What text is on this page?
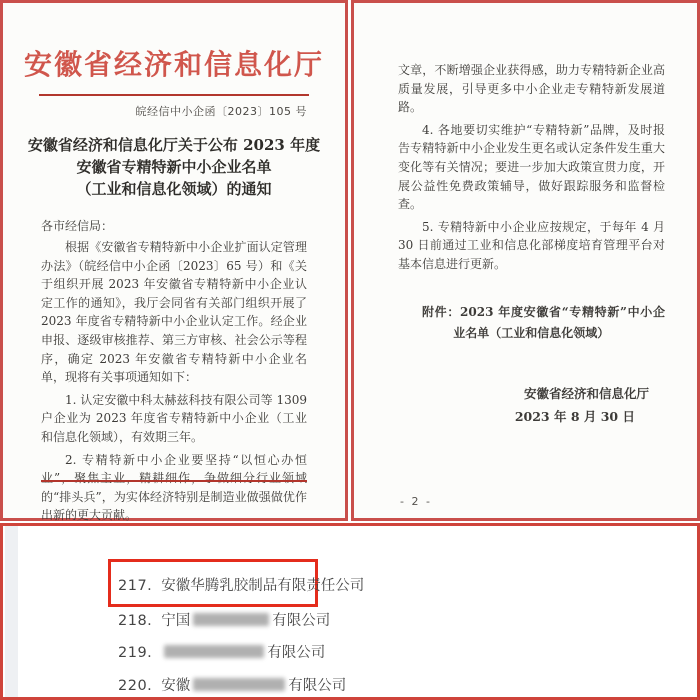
安徽省经济和信息化厅
皖经信中小企函〔2023〕105 号
安徽省经济和信息化厅关于公布 2023 年度
安徽省专精特新中小企业名单
（工业和信息化领域）的通知
各市经信局：

根据《安徽省专精特新中小企业扩面认定管理办法》（皖经信中小企函〔2023〕65 号）和《关于组织开展 2023 年安徽省专精特新中小企业认定工作的通知》，我厅会同省有关部门组织开展了 2023 年度省专精特新中小企业认定工作。经企业申报、逐级审核推荐、第三方审核、社会公示等程序，确定 2023 年安徽省专精特新中小企业名单，现将有关事项通知如下：

1. 认定安徽中科太赫兹科技有限公司等 1309 户企业为 2023 年度省专精特新中小企业（工业和信息化领域），有效期三年。

2. 专精特新中小企业要坚持“以恒心办恒业”，聚焦主业，精耕细作，争做细分行业领域的“排头兵”，为实体经济特别是制造业做强做优作出新的更大贡献。

文章，不断增强企业获得感，助力专精特新企业高质量发展，引导更多中小企业走专精特新发展道路。

4. 各地要切实维护“专精特新”品牌，及时报告专精特新中小企业发生更名或认定条件发生重大变化等有关情况；要进一步加大政策宣贯力度，开展公益性免费政策辅导，做好跟踪服务和监督检查。

5. 专精特新中小企业应按规定，于每年 4 月 30 日前通过工业和信息化部梯度培育管理平台对基本信息进行更新。

附件：2023 年度安徽省“专精特新”中小企业名单（工业和信息化领域）

安徽省经济和信息化厅
2023 年 8 月 30 日
- 2 -
217. 安徽华腾乳胶制品有限责任公司
218. 宁国	有限公司
219.	有限公司
220. 安徽	有限公司
